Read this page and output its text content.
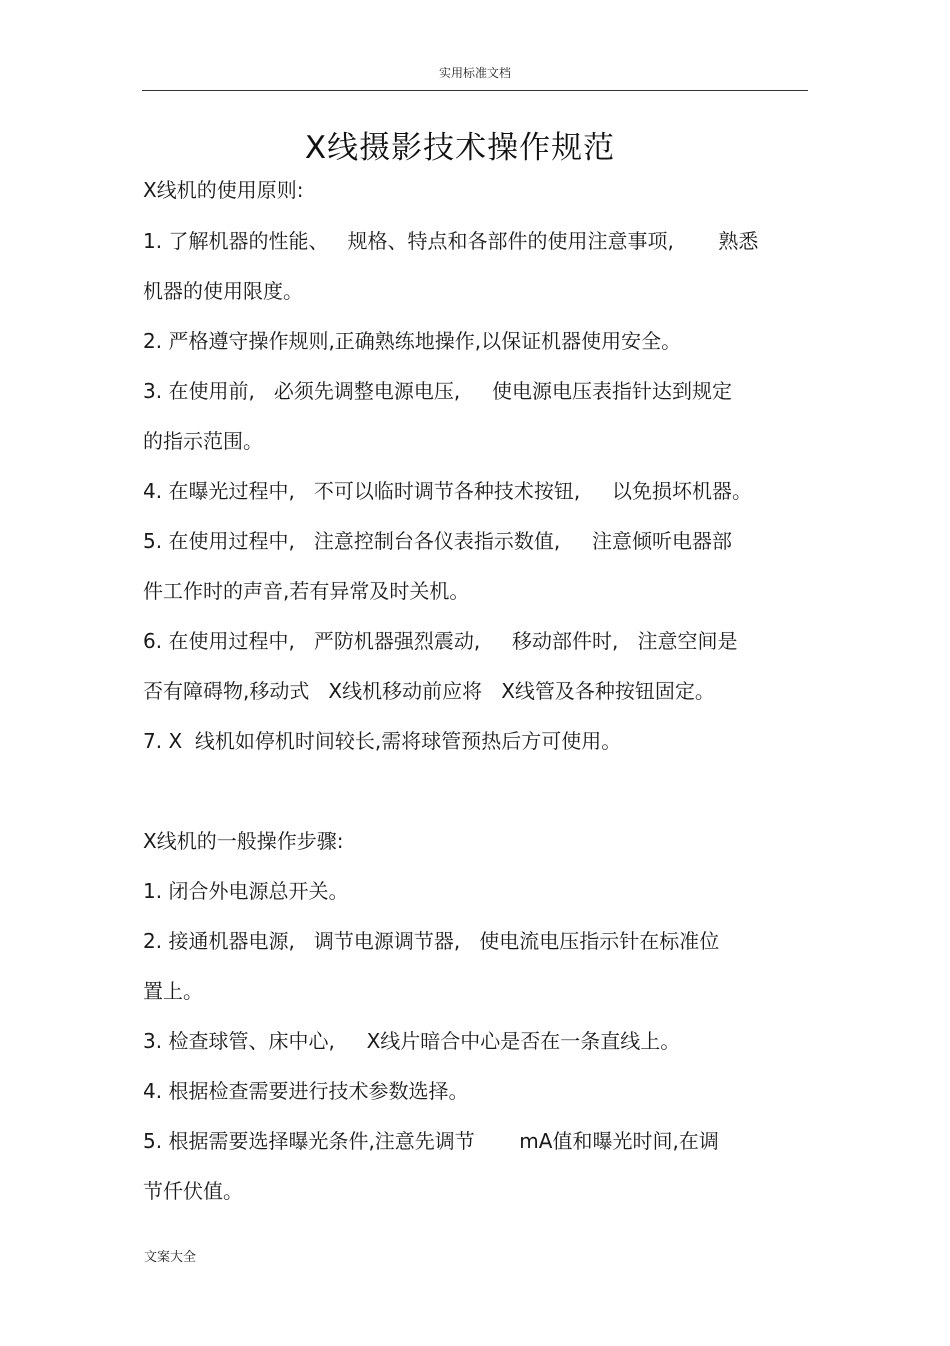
实用标准文档
X线摄影技术操作规范
X线机的使用原则:
1. 了解机器的性能、   规格、特点和各部件的使用注意事项,       熟悉
机器的使用限度。
2. 严格遵守操作规则,正确熟练地操作,以保证机器使用安全。
3. 在使用前,   必须先调整电源电压,     使电源电压表指针达到规定
的指示范围。
4. 在曝光过程中,   不可以临时调节各种技术按钮,     以免损坏机器。
5. 在使用过程中,   注意控制台各仪表指示数值,     注意倾听电器部
件工作时的声音,若有异常及时关机。
6. 在使用过程中,   严防机器强烈震动,     移动部件时,   注意空间是
否有障碍物,移动式   X线机移动前应将   X线管及各种按钮固定。
7. X  线机如停机时间较长,需将球管预热后方可使用。
X线机的一般操作步骤:
1. 闭合外电源总开关。
2. 接通机器电源,   调节电源调节器,   使电流电压指示针在标准位
置上。
3. 检查球管、床中心,     X线片暗合中心是否在一条直线上。
4. 根据检查需要进行技术参数选择。
5. 根据需要选择曝光条件,注意先调节       mA值和曝光时间,在调
节仟伏值。
文案大全
